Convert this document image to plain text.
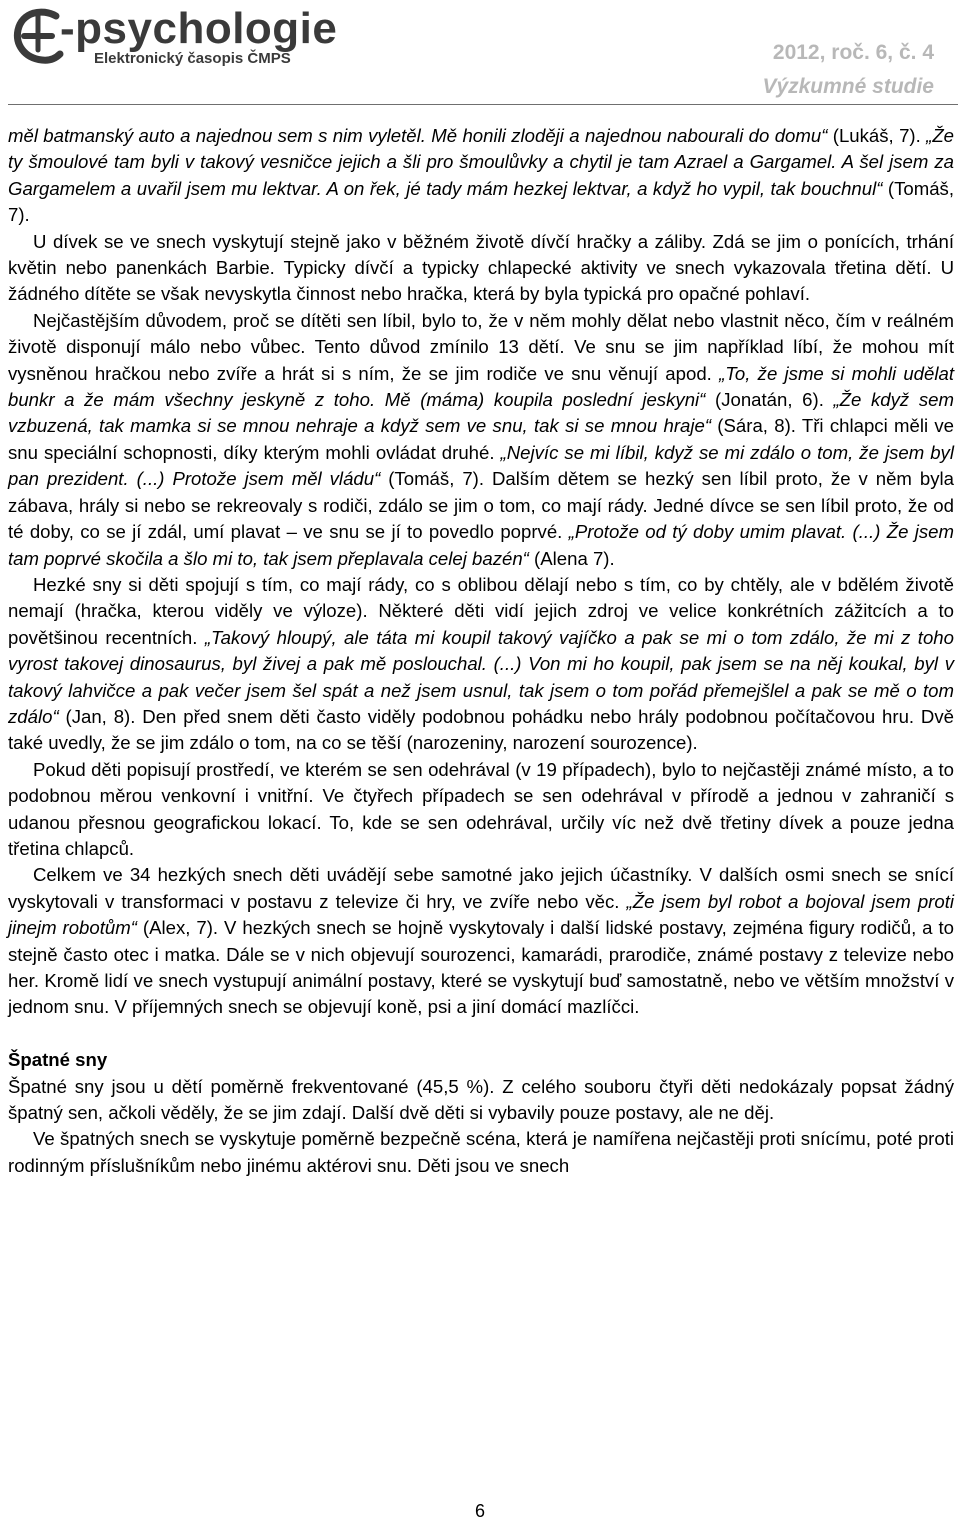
-psychologie
Elektronický časopis ČMPS	2012, roč. 6, č. 4
Výzkumné studie

měl batmanský auto a najednou sem s nim vyletěl. Mě honili zloději a najednou nabourali do domu“ (Lukáš, 7). „Že ty šmoulové tam byli v takový vesničce jejich a šli pro šmoulůvky a chytil je tam Azrael a Gargamel. A šel jsem za Gargamelem a uvařil jsem mu lektvar. A on řek, jé tady mám hezkej lektvar, a když ho vypil, tak bouchnul“ (Tomáš, 7).

U dívek se ve snech vyskytují stejně jako v běžném životě dívčí hračky a záliby. Zdá se jim o ponících, trhání květin nebo panenkách Barbie. Typicky dívčí a typicky chlapecké aktivity ve snech vykazovala třetina dětí. U žádného dítěte se však nevyskytla činnost nebo hračka, která by byla typická pro opačné pohlaví.

Nejčastějším důvodem, proč se dítěti sen líbil, bylo to, že v něm mohly dělat nebo vlastnit něco, čím v reálném životě disponují málo nebo vůbec. Tento důvod zmínilo 13 dětí. Ve snu se jim například líbí, že mohou mít vysněnou hračkou nebo zvíře a hrát si s ním, že se jim rodiče ve snu věnují apod. „To, že jsme si mohli udělat bunkr a že mám všechny jeskyně z toho. Mě (máma) koupila poslední jeskyni“ (Jonatán, 6). „Že když sem vzbuzená, tak mamka si se mnou nehraje a když sem ve snu, tak si se mnou hraje“ (Sára, 8). Tři chlapci měli ve snu speciální schopnosti, díky kterým mohli ovládat druhé. „Nejvíc se mi líbil, když se mi zdálo o tom, že jsem byl pan prezident. (...) Protože jsem měl vládu“ (Tomáš, 7). Dalším dětem se hezký sen líbil proto, že v něm byla zábava, hrály si nebo se rekreovaly s rodiči, zdálo se jim o tom, co mají rády. Jedné dívce se sen líbil proto, že od té doby, co se jí zdál, umí plavat – ve snu se jí to povedlo poprvé. „Protože od tý doby umim plavat. (...) Že jsem tam poprvé skočila a šlo mi to, tak jsem přeplavala celej bazén“ (Alena 7).

Hezké sny si děti spojují s tím, co mají rády, co s oblibou dělají nebo s tím, co by chtěly, ale v bdělém životě nemají (hračka, kterou viděly ve výloze). Některé děti vidí jejich zdroj ve velice konkrétních zážitcích a to povětšinou recentních. „Takový hloupý, ale táta mi koupil takový vajíčko a pak se mi o tom zdálo, že mi z toho vyrost takovej dinosaurus, byl živej a pak mě poslouchal. (...) Von mi ho koupil, pak jsem se na něj koukal, byl v takový lahvičce a pak večer jsem šel spát a než jsem usnul, tak jsem o tom pořád přemejšlel a pak se mě o tom zdálo“ (Jan, 8). Den před snem děti často viděly podobnou pohádku nebo hrály podobnou počítačovou hru. Dvě také uvedly, že se jim zdálo o tom, na co se těší (narozeniny, narození sourozence).

Pokud děti popisují prostředí, ve kterém se sen odehrával (v 19 případech), bylo to nejčastěji známé místo, a to podobnou měrou venkovní i vnitřní. Ve čtyřech případech se sen odehrával v přírodě a jednou v zahraničí s udanou přesnou geografickou lokací. To, kde se sen odehrával, určily víc než dvě třetiny dívek a pouze jedna třetina chlapců.

Celkem ve 34 hezkých snech děti uvádějí sebe samotné jako jejich účastníky. V dalších osmi snech se snící vyskytovali v transformaci v postavu z televize či hry, ve zvíře nebo věc. „Že jsem byl robot a bojoval jsem proti jinejm robotům“ (Alex, 7). V hezkých snech se hojně vyskytovaly i další lidské postavy, zejména figury rodičů, a to stejně často otec i matka. Dále se v nich objevují sourozenci, kamarádi, prarodiče, známé postavy z televize nebo her. Kromě lidí ve snech vystupují animální postavy, které se vyskytují buď samostatně, nebo ve větším množství v jednom snu. V příjemných snech se objevují koně, psi a jiní domácí mazlíčci.

Špatné sny

Špatné sny jsou u dětí poměrně frekventované (45,5 %). Z celého souboru čtyři děti nedokázaly popsat žádný špatný sen, ačkoli věděly, že se jim zdají. Další dvě děti si vybavily pouze postavy, ale ne děj.

Ve špatných snech se vyskytuje poměrně bezpečně scéna, která je namířena nejčastěji proti snícímu, poté proti rodinným příslušníkům nebo jinému aktérovi snu. Děti jsou ve snech

6
